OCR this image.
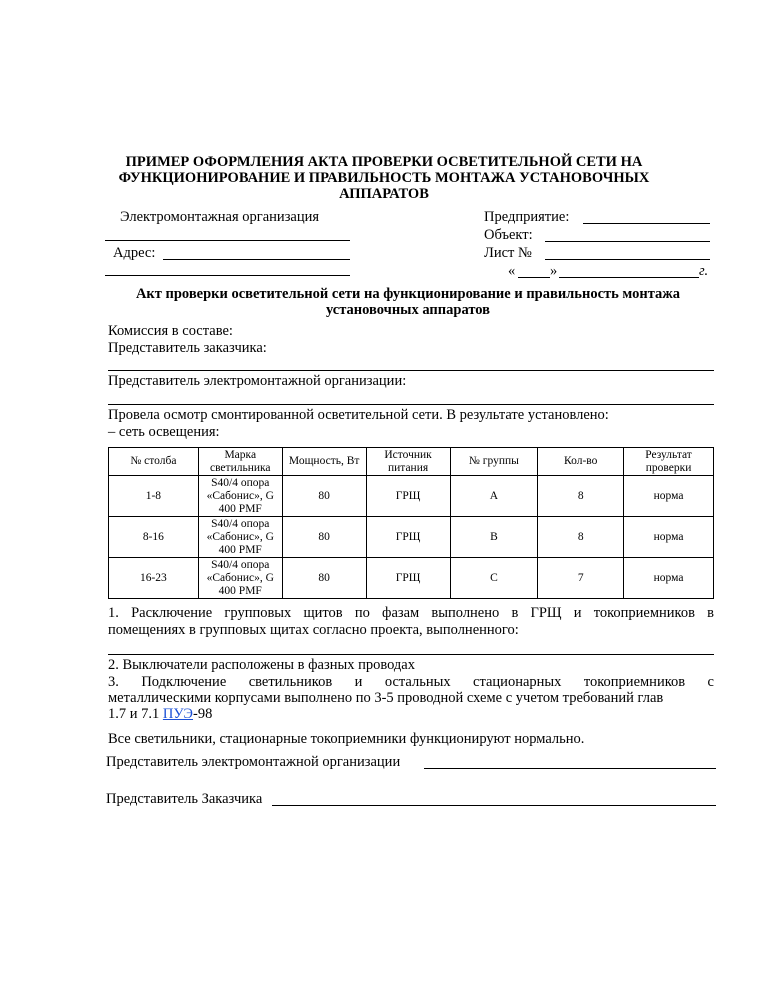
ПРИМЕР ОФОРМЛЕНИЯ АКТА ПРОВЕРКИ ОСВЕТИТЕЛЬНОЙ СЕТИ НА
ФУНКЦИОНИРОВАНИЕ И ПРАВИЛЬНОСТЬ МОНТАЖА УСТАНОВОЧНЫХ
АППАРАТОВ
Электромонтажная организация
Адрес:
Предприятие:
Объект:
Лист №
« »	г.
Акт проверки осветительной сети на функционирование и правильность монтажа
установочных аппаратов
Комиссия в составе:
Представитель заказчика:
Представитель электромонтажной организации:
Провела осмотр смонтированной осветительной сети. В результате установлено:
– сеть освещения:
№ столба	Марка светильника	Мощность, Вт	Источник питания	№ группы	Кол-во	Результат проверки
1-8	S40/4 опора
«Сабонис», G
400 PMF	80	ГРЩ	A	8	норма
8-16	S40/4 опора
«Сабонис», G
400 PMF	80	ГРЩ	B	8	норма
16-23	S40/4 опора
«Сабонис», G
400 PMF	80	ГРЩ	C	7	норма
1. Расключение групповых щитов по фазам выполнено в ГРЩ и токоприемников в
помещениях в групповых щитах согласно проекта, выполненного:
2. Выключатели расположены в фазных проводах
3. Подключение светильников и остальных стационарных токоприемников с
металлическими корпусами выполнено по 3-5 проводной схеме с учетом требований глав
1.7 и 7.1 ПУЭ-98
Все светильники, стационарные токоприемники функционируют нормально.
Представитель электромонтажной организации
Представитель Заказчика
